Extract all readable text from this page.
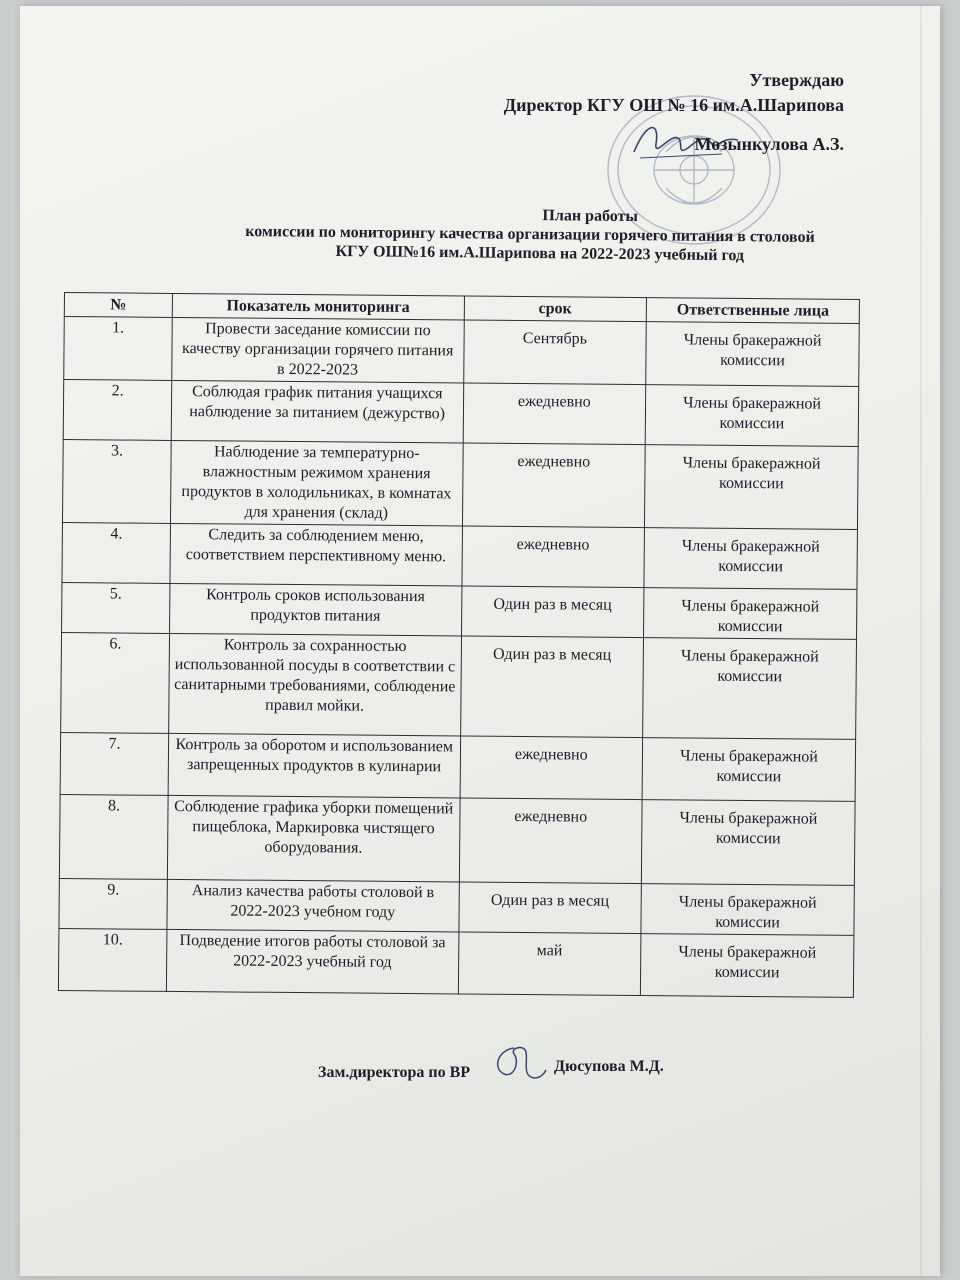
Утверждаю
Директор КГУ ОШ № 16 им.А.Шарипова
Мозынкулова А.З.
План работы
комиссии по мониторингу качества организации горячего питания в столовой
КГУ ОШ№16 им.А.Шарипова на 2022-2023 учебный год
№	Показатель мониторинга	срок	Ответственные лица
1.	Провести заседание комиссии по качеству организации горячего питания в 2022-2023	Сентябрь	Члены бракеражной комиссии
2.	Соблюдая график питания учащихся наблюдение за питанием (дежурство)	ежедневно	Члены бракеражной комиссии
3.	Наблюдение за температурно-влажностным режимом хранения продуктов в холодильниках, в комнатах для хранения (склад)	ежедневно	Члены бракеражной комиссии
4.	Следить за соблюдением меню, соответствием перспективному меню.	ежедневно	Члены бракеражной комиссии
5.	Контроль сроков использования продуктов питания	Один раз в месяц	Члены бракеражной комиссии
6.	Контроль за сохранностью использованной посуды в соответствии с санитарными требованиями, соблюдение правил мойки.	Один раз в месяц	Члены бракеражной комиссии
7.	Контроль за оборотом и использованием запрещенных продуктов в кулинарии	ежедневно	Члены бракеражной комиссии
8.	Соблюдение графика уборки помещений пищеблока, Маркировка чистящего оборудования.	ежедневно	Члены бракеражной комиссии
9.	Анализ качества работы столовой в 2022-2023 учебном году	Один раз в месяц	Члены бракеражной комиссии
10.	Подведение итогов работы столовой за 2022-2023 учебный год	май	Члены бракеражной комиссии
Зам.директора по ВР	Дюсупова М.Д.
